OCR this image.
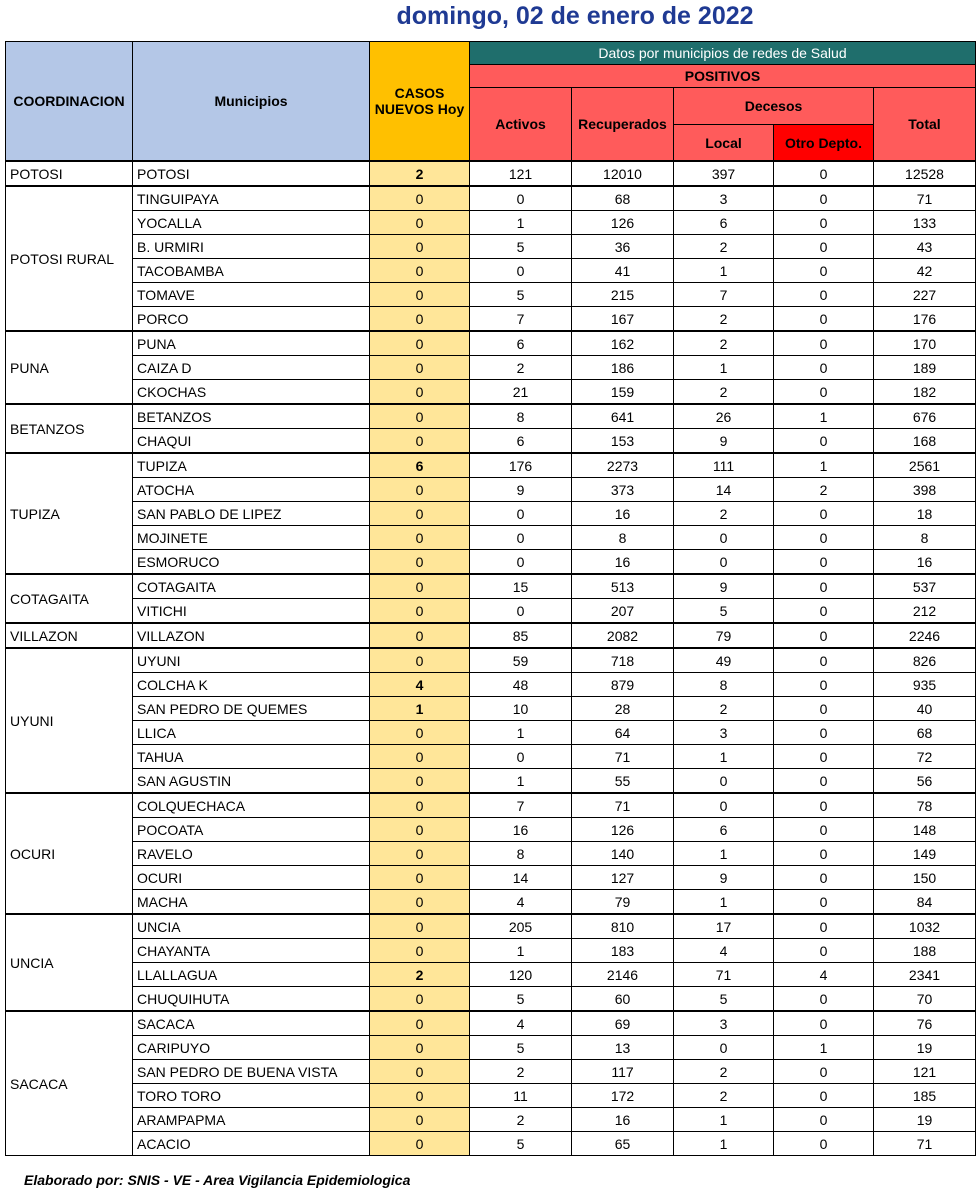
domingo, 02 de enero de 2022
COORDINACION	Municipios	CASOS NUEVOS Hoy	Datos por municipios de redes de Salud				
			POSITIVOS				
			Activos	Recuperados	Decesos		Total
					Local	Otro Depto.	
POTOSI	POTOSI	2	121	12010	397	0	12528
POTOSI RURAL	TINGUIPAYA	0	0	68	3	0	71
	YOCALLA	0	1	126	6	0	133
	B. URMIRI	0	5	36	2	0	43
	TACOBAMBA	0	0	41	1	0	42
	TOMAVE	0	5	215	7	0	227
	PORCO	0	7	167	2	0	176
PUNA	PUNA	0	6	162	2	0	170
	CAIZA D	0	2	186	1	0	189
	CKOCHAS	0	21	159	2	0	182
BETANZOS	BETANZOS	0	8	641	26	1	676
	CHAQUI	0	6	153	9	0	168
TUPIZA	TUPIZA	6	176	2273	111	1	2561
	ATOCHA	0	9	373	14	2	398
	SAN PABLO DE LIPEZ	0	0	16	2	0	18
	MOJINETE	0	0	8	0	0	8
	ESMORUCO	0	0	16	0	0	16
COTAGAITA	COTAGAITA	0	15	513	9	0	537
	VITICHI	0	0	207	5	0	212
VILLAZON	VILLAZON	0	85	2082	79	0	2246
UYUNI	UYUNI	0	59	718	49	0	826
	COLCHA K	4	48	879	8	0	935
	SAN PEDRO DE QUEMES	1	10	28	2	0	40
	LLICA	0	1	64	3	0	68
	TAHUA	0	0	71	1	0	72
	SAN AGUSTIN	0	1	55	0	0	56
OCURI	COLQUECHACA	0	7	71	0	0	78
	POCOATA	0	16	126	6	0	148
	RAVELO	0	8	140	1	0	149
	OCURI	0	14	127	9	0	150
	MACHA	0	4	79	1	0	84
UNCIA	UNCIA	0	205	810	17	0	1032
	CHAYANTA	0	1	183	4	0	188
	LLALLAGUA	2	120	2146	71	4	2341
	CHUQUIHUTA	0	5	60	5	0	70
SACACA	SACACA	0	4	69	3	0	76
	CARIPUYO	0	5	13	0	1	19
	SAN PEDRO DE BUENA VISTA	0	2	117	2	0	121
	TORO TORO	0	11	172	2	0	185
	ARAMPAPMA	0	2	16	1	0	19
	ACACIO	0	5	65	1	0	71
Elaborado por: SNIS - VE - Area Vigilancia Epidemiologica
